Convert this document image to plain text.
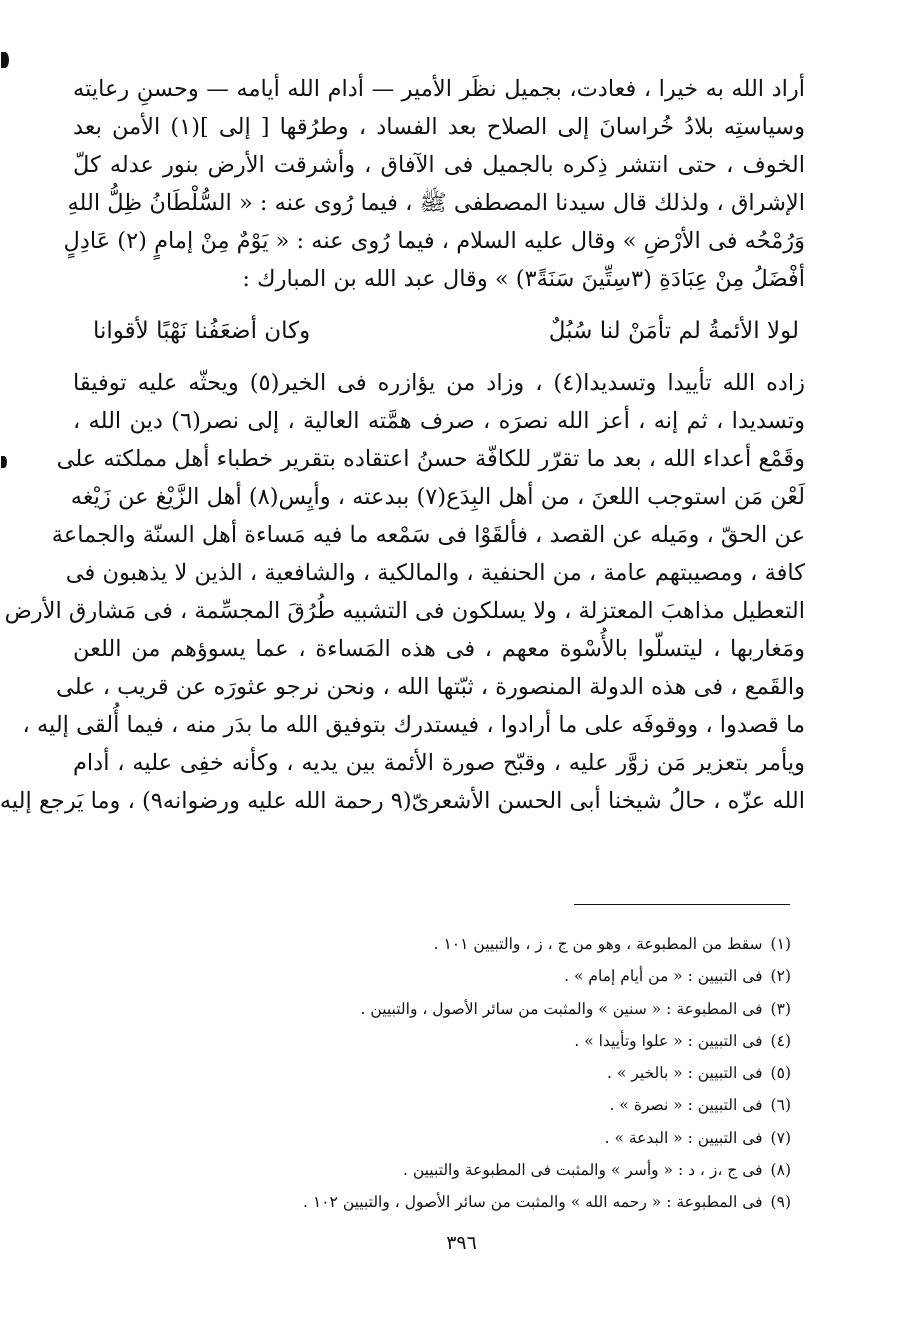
أراد الله به خيرا ، فعادت، بجميل نظَر الأمير — أدام الله أيامه — وحسنِ رعايته
وسياستِه بلادُ خُراسانَ إلى الصلاح بعد الفساد ، وطرُقها [ إلى ](١) الأمن بعد
الخوف ، حتى انتشر ذِكره بالجميل فى الآفاق ، وأشرقت الأرض بنور عدله كلّ
الإشراق ، ولذلك قال سيدنا المصطفى ﷺ ، فيما رُوى عنه : « السُّلْطَانُ ظِلُّ اللهِ
وَرُمْحُه فى الأرْضِ » وقال عليه السلام ، فيما رُوى عنه : « يَوْمٌ مِنْ إمامٍ (٢) عَادِلٍ
أفْضَلُ مِنْ عِبَادَةِ (٣سِتِّينَ سَنَةً٣) » وقال عبد الله بن المبارك :
لولا الأئمةُ لم تأمَنْ لنا سُبُلٌ
وكان أضعَفُنا نَهْبًا لأقوانا
زاده الله تأييدا وتسديدا(٤) ، وزاد من يؤازره فى الخير(٥) ويحثّه عليه توفيقا
وتسديدا ، ثم إنه ، أعز الله نصرَه ، صرف همَّته العالية ، إلى نصر(٦) دين الله ،
وقَمْع أعداء الله ، بعد ما تقرّر للكافّة حسنُ اعتقاده بتقرير خطباء أهل مملكته على
لَعْن مَن استوجب اللعنَ ، من أهل البِدَع(٧) ببدعته ، وأيِس(٨) أهل الزَّيْغ عن زَيْغه
عن الحقّ ، ومَيله عن القصد ، فألقَوْا فى سَمْعه ما فيه مَساءة أهل السنّة والجماعة
كافة ، ومصيبتهم عامة ، من الحنفية ، والمالكية ، والشافعية ، الذين لا يذهبون فى
التعطيل مذاهبَ المعتزلة ، ولا يسلكون فى التشبيه طُرُقَ المجسِّمة ، فى مَشارق الأرض
ومَغاربها ، ليتسلّوا بالأُسْوة معهم ، فى هذه المَساءة ، عما يسوؤهم من اللعن
والقَمع ، فى هذه الدولة المنصورة ، ثبّتها الله ، ونحن نرجو عثورَه عن قريب ، على
ما قصدوا ، ووقوفَه على ما أرادوا ، فيستدرك بتوفيق الله ما بدَر منه ، فيما أُلقى إليه ،
ويأمر بتعزير مَن زوَّر عليه ، وقبّح صورة الأئمة بين يديه ، وكأنه خفِى عليه ، أدام
الله عزّه ، حالُ شيخنا أبى الحسن الأشعرىّ(٩ رحمة الله عليه ورضوانه٩) ، وما يَرجع إليه
(١)سقط من المطبوعة ، وهو من ج ، ز ، والتبيين ١٠١ .
(٢)فى التبيين : « من أيام إمام » .
(٣)فى المطبوعة : « سنين » والمثبت من سائر الأصول ، والتبيين .
(٤)فى التبيين : « علوا وتأييدا » .
(٥)فى التبيين : « بالخير » .
(٦)فى التبيين : « نصرة » .
(٧)فى التبيين : « البدعة » .
(٨)فى ج ،ز ، د : « وأسر » والمثبت فى المطبوعة والتبيين .
(٩)فى المطبوعة : « رحمه الله » والمثبت من سائر الأصول ، والتبيين ١٠٢ .
٣٩٦
